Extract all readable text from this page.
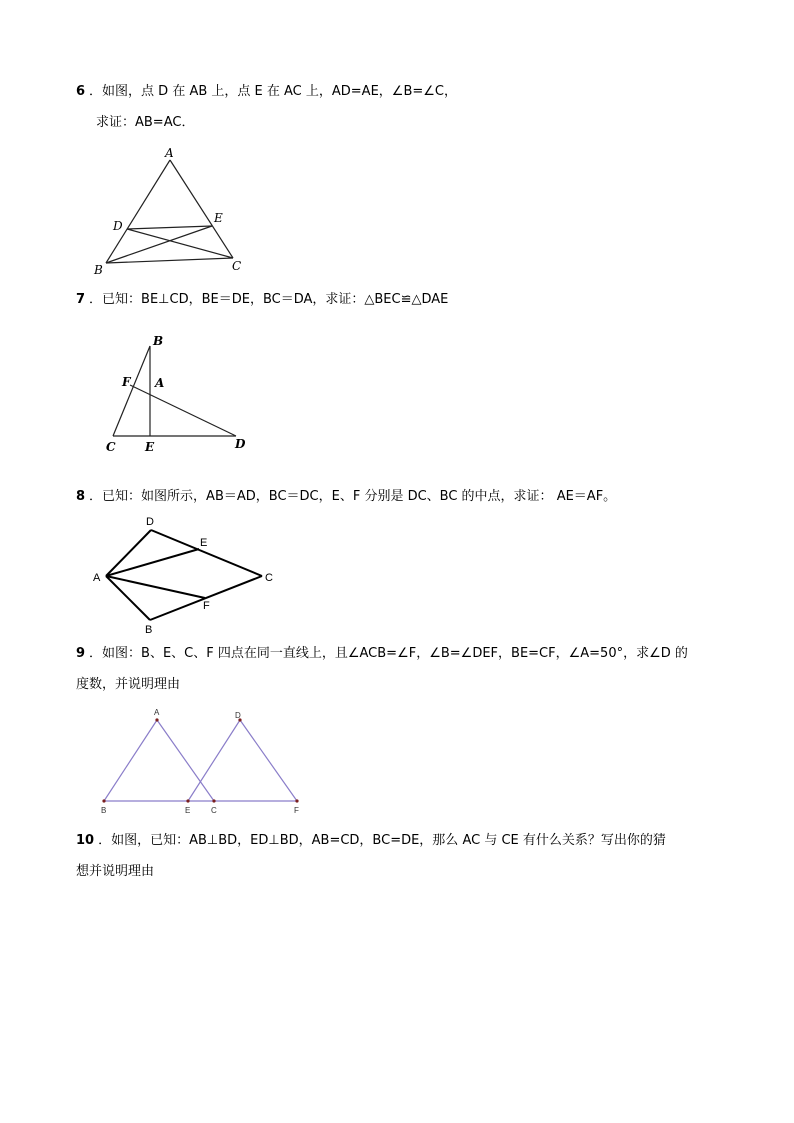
6 ．如图，点 D 在 AB 上，点 E 在 AC 上，AD=AE，∠B=∠C，
求证：AB=AC．
A
B	C
D
E
7 ．已知：BE⊥CD，BE＝DE，BC＝DA，求证：△BEC≌△DAE
B
F A
C E	D
8 ．已知：如图所示，AB＝AD，BC＝DC，E、F 分别是 DC、BC 的中点，求证： AE＝AF。
D
E
A	C
F
B
9 ．如图：B、E、C、F 四点在同一直线上，且∠ACB=∠F，∠B=∠DEF，BE=CF，∠A=50°，求∠D 的
度数，并说明理由
A	D
B	E	C	F
10 ．如图，已知：AB⊥BD，ED⊥BD，AB=CD，BC=DE，那么 AC 与 CE 有什么关系？写出你的猜
想并说明理由
